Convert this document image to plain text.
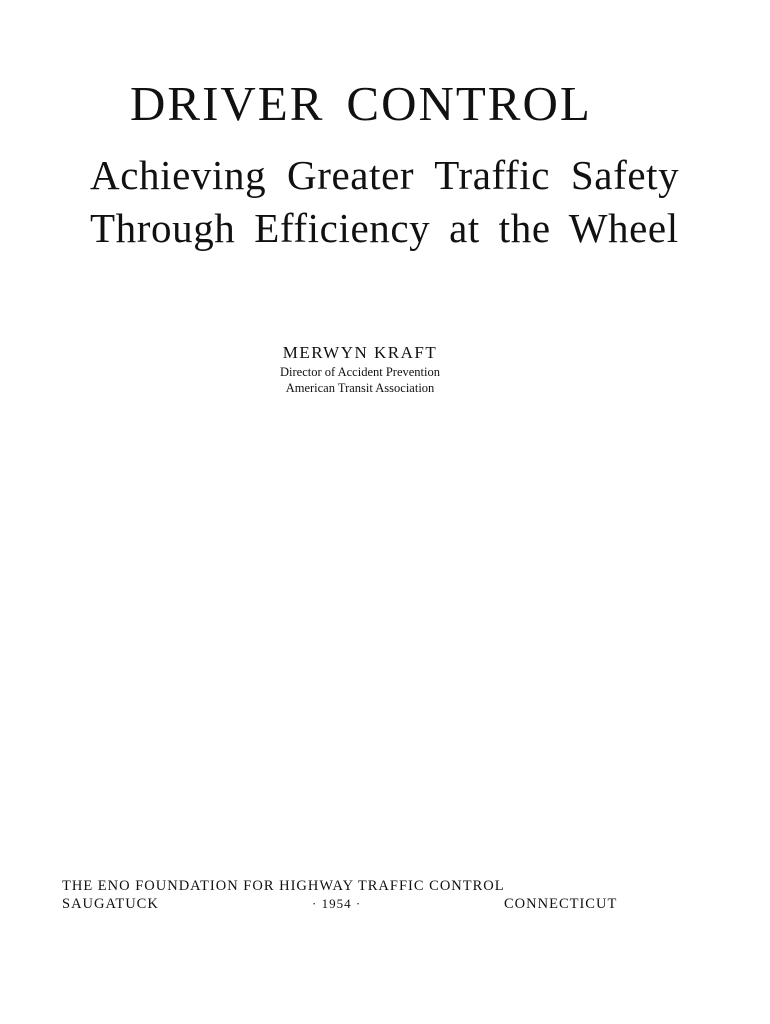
DRIVER CONTROL
Achieving Greater Traffic Safety
Through Efficiency at the Wheel
MERWYN KRAFT
Director of Accident Prevention
American Transit Association
THE ENO FOUNDATION FOR HIGHWAY TRAFFIC CONTROL
SAUGATUCK	· 1954 ·	CONNECTICUT
